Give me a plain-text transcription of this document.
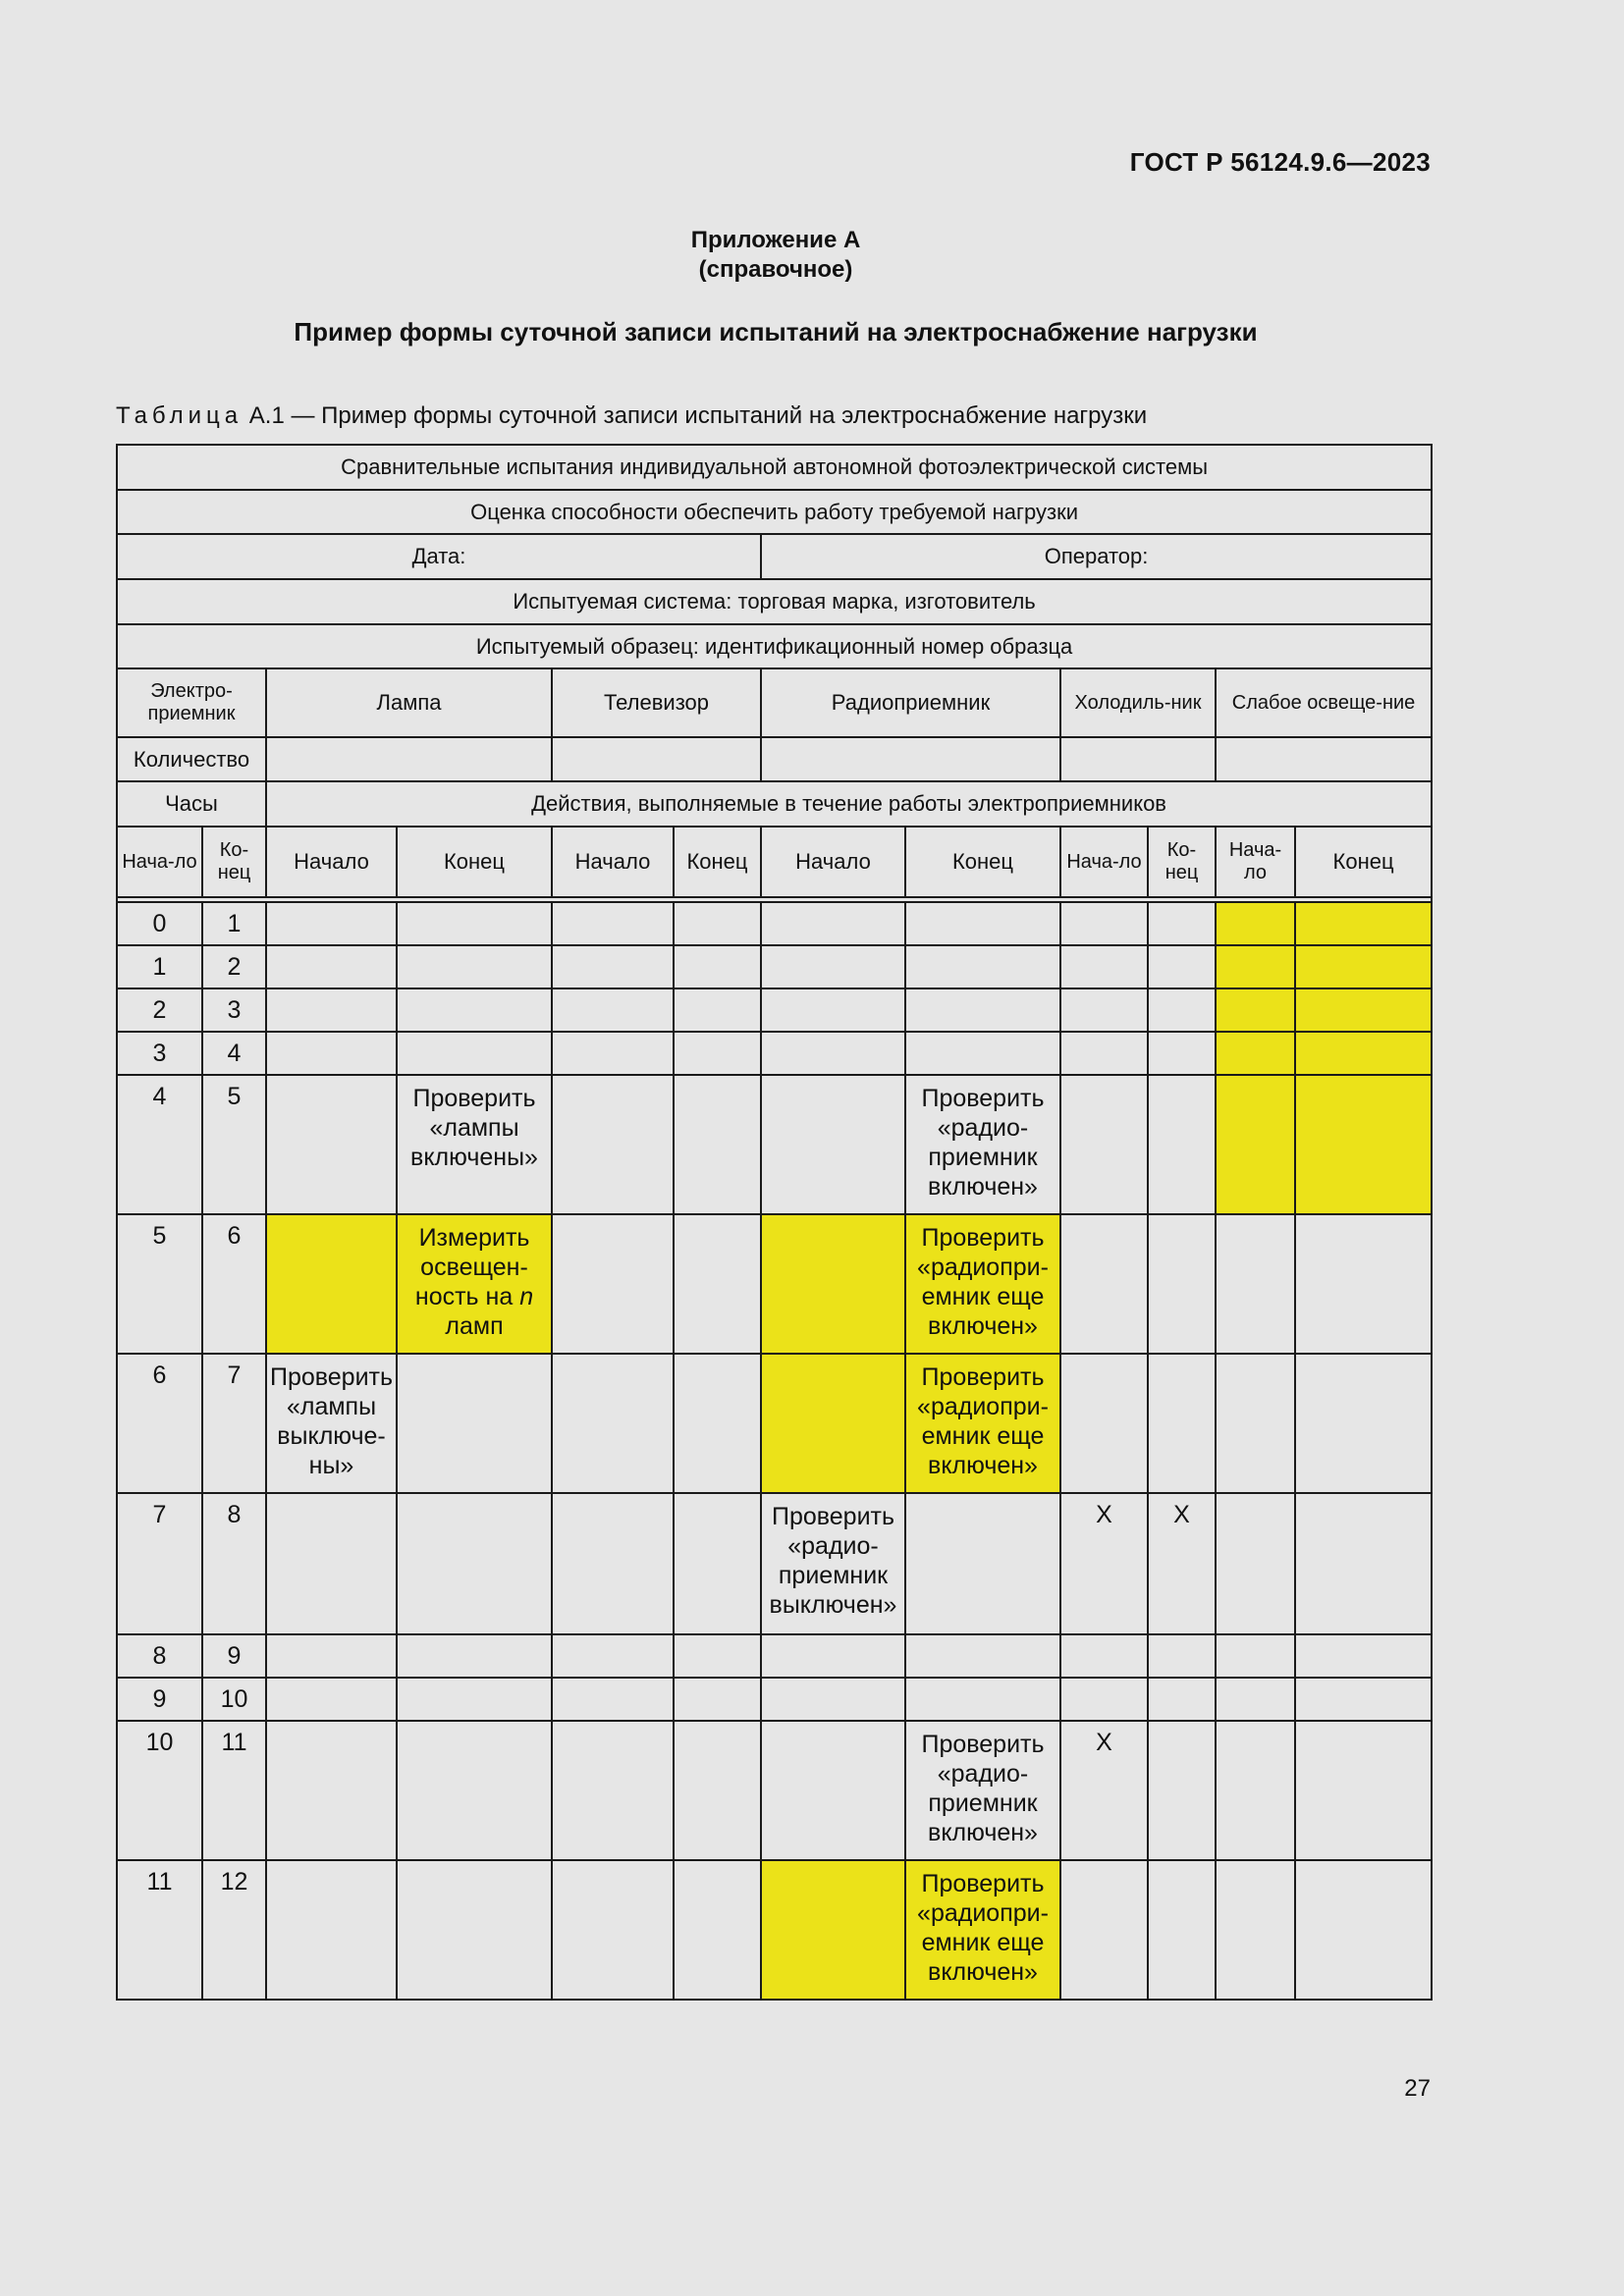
ГОСТ Р 56124.9.6—2023
Приложение А
(справочное)
Пример формы суточной записи испытаний на электроснабжение нагрузки
Таблица А.1 — Пример формы суточной записи испытаний на электроснабжение нагрузки
Сравнительные испытания индивидуальной автономной фотоэлектрической системы											
Оценка способности обеспечить работу требуемой нагрузки											
Дата:						Оператор:					
Испытуемая система: торговая марка, изготовитель											
Испытуемый образец: идентификационный номер образца											
Электро-приемник		Лампа		Телевизор		Радиоприемник		Холодиль-ник		Слабое освеще-ние	
Количество											
Часы		Действия, выполняемые в течение работы электроприемников									
Нача-ло	Ко-нец	Начало	Конец	Начало	Конец	Начало	Конец	Нача-ло	Ко-нец	Нача-ло	Конец

0	1										
1	2										
2	3										
3	4										
4	5		Проверить «лампы включены»				Проверить «радио-приемник включен»				
5	6		Измерить освещен-ность на n ламп				Проверить «радиопри-емник еще включен»				
6	7	Проверить «лампы выключе-ны»					Проверить «радиопри-емник еще включен»				
7	8					Проверить «радио-приемник выключен»		X	X		
8	9										
9	10										
10	11						Проверить «радио-приемник включен»	X			
11	12						Проверить «радиопри-емник еще включен»				
27
